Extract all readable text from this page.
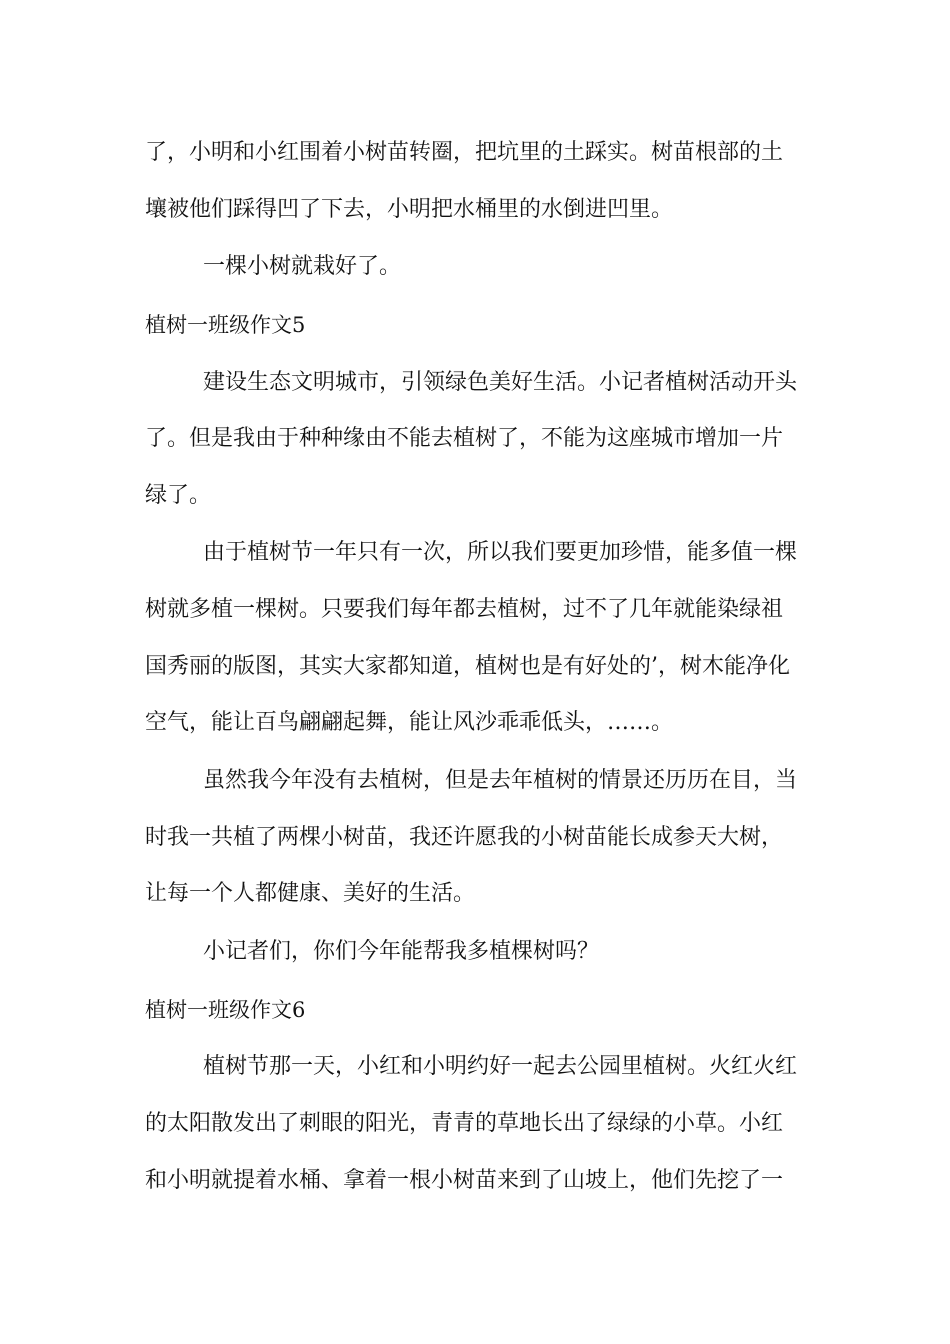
了，小明和小红围着小树苗转圈，把坑里的土踩实。树苗根部的土
壤被他们踩得凹了下去，小明把水桶里的水倒进凹里。
一棵小树就栽好了。
植树一班级作文5
建设生态文明城市，引领绿色美好生活。小记者植树活动开头
了。但是我由于种种缘由不能去植树了，不能为这座城市增加一片
绿了。
由于植树节一年只有一次，所以我们要更加珍惜，能多值一棵
树就多植一棵树。只要我们每年都去植树，过不了几年就能染绿祖
国秀丽的版图，其实大家都知道，植树也是有好处的’，树木能净化
空气，能让百鸟翩翩起舞，能让风沙乖乖低头，……。
虽然我今年没有去植树，但是去年植树的情景还历历在目，当
时我一共植了两棵小树苗，我还许愿我的小树苗能长成参天大树，
让每一个人都健康、美好的生活。
小记者们，你们今年能帮我多植棵树吗？
植树一班级作文6
植树节那一天，小红和小明约好一起去公园里植树。火红火红
的太阳散发出了刺眼的阳光，青青的草地长出了绿绿的小草。小红
和小明就提着水桶、拿着一根小树苗来到了山坡上，他们先挖了一
